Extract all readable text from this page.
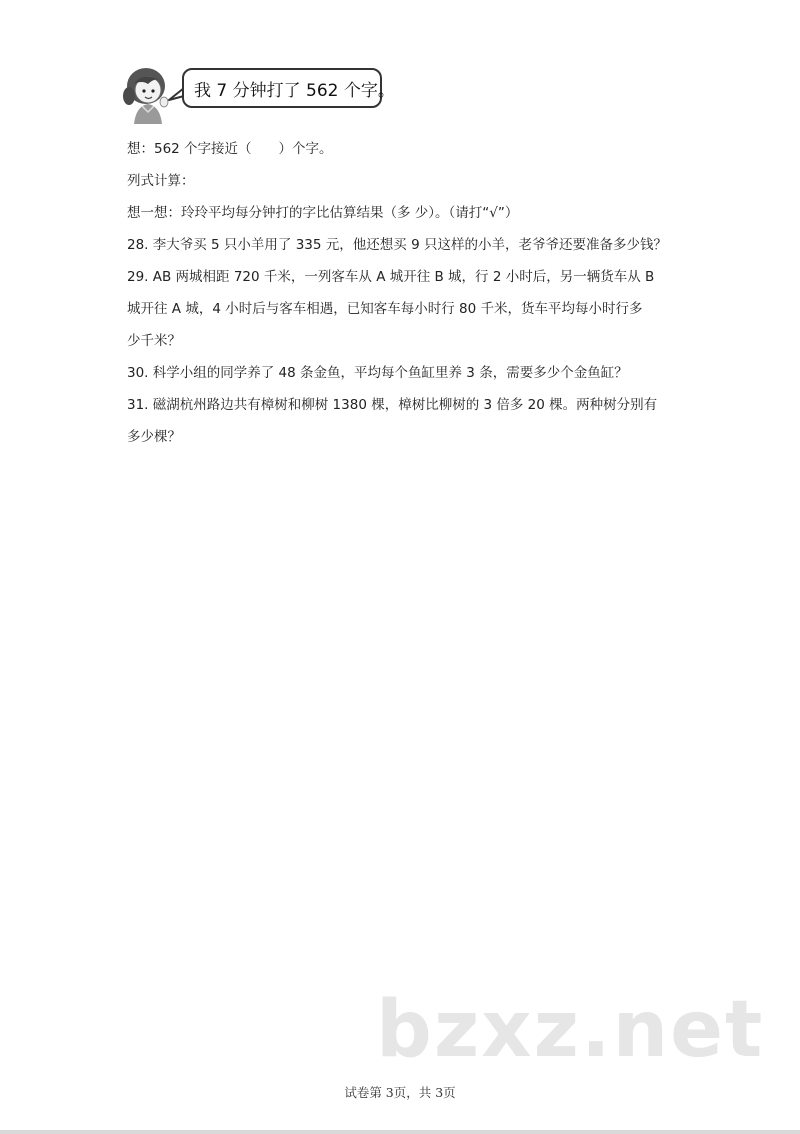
我 7 分钟打了 562 个字。
想：562 个字接近（　　）个字。
列式计算：
想一想：玲玲平均每分钟打的字比估算结果（多 少）。（请打“√”）
28. 李大爷买 5 只小羊用了 335 元，他还想买 9 只这样的小羊，老爷爷还要准备多少钱？
29. AB 两城相距 720 千米，一列客车从 A 城开往 B 城，行 2 小时后，另一辆货车从 B
城开往 A 城，4 小时后与客车相遇，已知客车每小时行 80 千米，货车平均每小时行多
少千米？
30. 科学小组的同学养了 48 条金鱼，平均每个鱼缸里养 3 条，需要多少个金鱼缸？
31. 磁湖杭州路边共有樟树和柳树 1380 棵，樟树比柳树的 3 倍多 20 棵。两种树分别有
多少棵？
bzxz.net
试卷第 3页，共 3页
